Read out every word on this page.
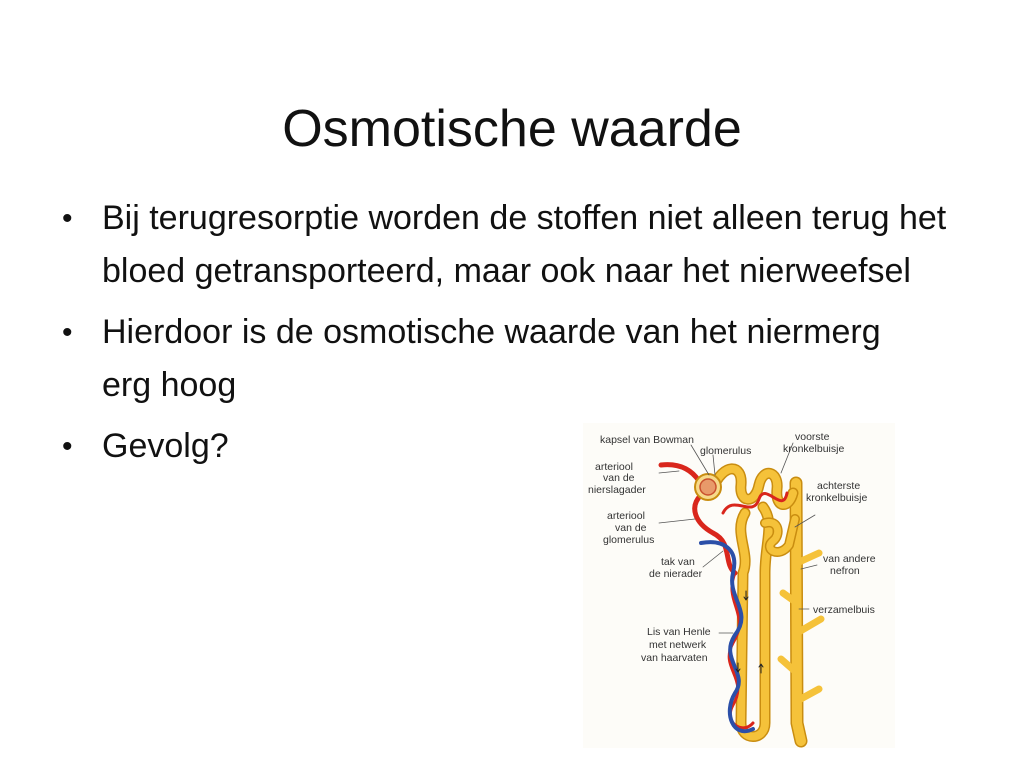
Osmotische waarde
• Bij terugresorptie worden de stoffen niet alleen terug het bloed getransporteerd, maar ook naar het nierweefsel
• Hierdoor is de osmotische waarde van het niermerg erg hoog
• Gevolg?	kapsel van Bowman
glomerulus
voorste
kronkelbuisje
arteriool
van de
nierslagader	achterste
kronkelbuisje
arteriool
van de
glomerulus
van andere
nefron
tak van
de nierader
verzamelbuis
Lis van Henle
met netwerk
van haarvaten
